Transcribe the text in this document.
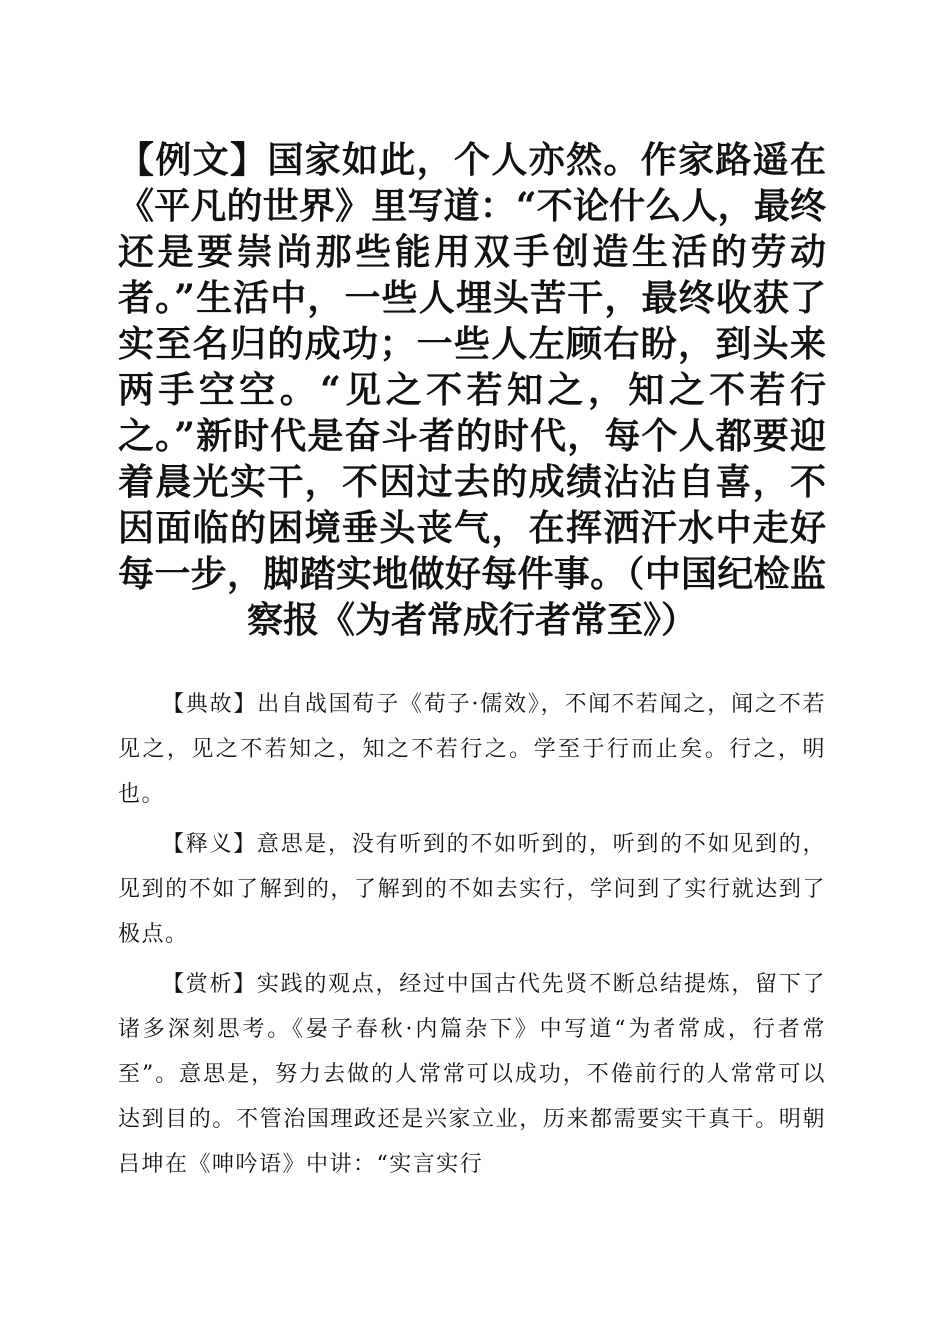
【例文】国家如此，个人亦然。作家路遥在《平凡的世界》里写道：“不论什么人，最终还是要崇尚那些能用双手创造生活的劳动者。”生活中，一些人埋头苦干，最终收获了实至名归的成功；一些人左顾右盼，到头来两手空空。“见之不若知之，知之不若行之。”新时代是奋斗者的时代，每个人都要迎着晨光实干，不因过去的成绩沾沾自喜，不因面临的困境垂头丧气，在挥洒汗水中走好每一步，脚踏实地做好每件事。（中国纪检监察报《为者常成行者常至》）

【典故】出自战国荀子《荀子·儒效》，不闻不若闻之，闻之不若见之，见之不若知之，知之不若行之。学至于行而止矣。行之，明也。

【释义】意思是，没有听到的不如听到的，听到的不如见到的，见到的不如了解到的，了解到的不如去实行，学问到了实行就达到了极点。

【赏析】实践的观点，经过中国古代先贤不断总结提炼，留下了诸多深刻思考。《晏子春秋·内篇杂下》中写道“为者常成，行者常至”。意思是，努力去做的人常常可以成功，不倦前行的人常常可以达到目的。不管治国理政还是兴家立业，历来都需要实干真干。明朝吕坤在《呻吟语》中讲：“实言实行
